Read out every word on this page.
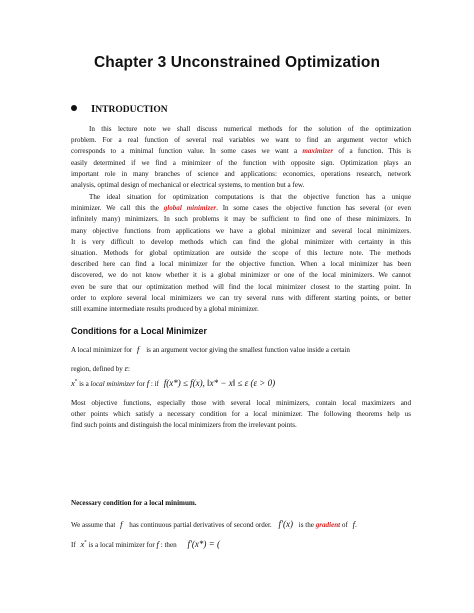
Chapter 3 Unconstrained Optimization
INTRODUCTION
In this lecture note we shall discuss numerical methods for the solution of the optimization
problem. For a real function of several real variables we want to find an argument vector which
corresponds to a minimal function value. In some cases we want a maximizer of a function. This is
easily determined if we find a minimizer of the function with opposite sign. Optimization plays an
important role in many branches of science and applications: economics, operations research, network
analysis, optimal design of mechanical or electrical systems, to mention but a few.
The ideal situation for optimization computations is that the objective function has a unique
minimizer. We call this the global minimizer. In some cases the objective function has several (or even
infinitely many) minimizers. In such problems it may be sufficient to find one of these minimizers. In
many objective functions from applications we have a global minimizer and several local minimizers.
It is very difficult to develop methods which can find the global minimizer with certainty in this
situation. Methods for global optimization are outside the scope of this lecture note. The methods
described here can find a local minimizer for the objective function. When a local minimizer has been
discovered, we do not know whether it is a global minimizer or one of the local minimizers. We cannot
even be sure that our optimization method will find the local minimizer closest to the starting point. In
order to explore several local minimizers we can try several runs with different starting points, or better
still examine intermediate results produced by a global minimizer.
Conditions for a Local Minimizer
A local minimizer for f is an argument vector giving the smallest function value inside a certain
region, defined by ε:
x* is a local minimizer for f : if f(x*) ≤ f(x), ‖x* − x‖ ≤ ε (ε > 0)
Most objective functions, especially those with several local minimizers, contain local maximizers and
other points which satisfy a necessary condition for a local minimizer. The following theorems help us
find such points and distinguish the local minimizers from the irrelevant points.
Necessary condition for a local minimum.
We assume that f has continuous partial derivatives of second order. f′(x) is the gradient of f.
If x* is a local minimizer for f : then f′(x*) = (
